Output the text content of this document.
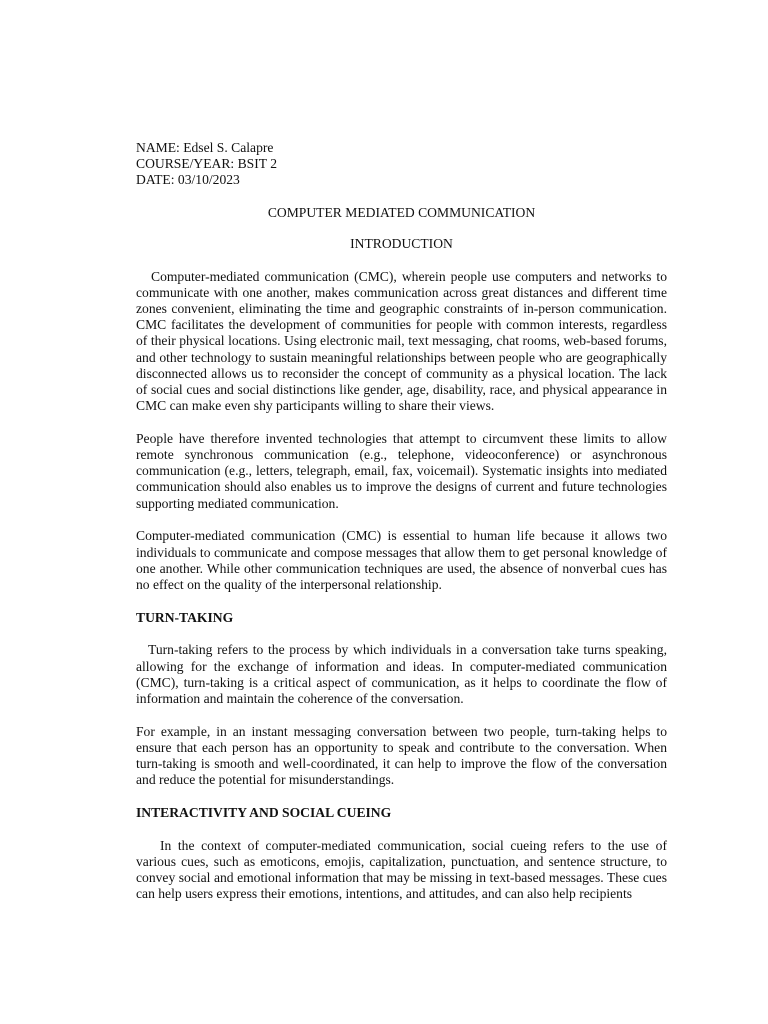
NAME: Edsel S. Calapre

COURSE/YEAR: BSIT 2

DATE: 03/10/2023

COMPUTER MEDIATED COMMUNICATION

INTRODUCTION

Computer-mediated communication (CMC), wherein people use computers and networks to communicate with one another, makes communication across great distances and different time zones convenient, eliminating the time and geographic constraints of in-person communication. CMC facilitates the development of communities for people with common interests, regardless of their physical locations. Using electronic mail, text messaging, chat rooms, web-based forums, and other technology to sustain meaningful relationships between people who are geographically disconnected allows us to reconsider the concept of community as a physical location. The lack of social cues and social distinctions like gender, age, disability, race, and physical appearance in CMC can make even shy participants willing to share their views.

People have therefore invented technologies that attempt to circumvent these limits to allow remote synchronous communication (e.g., telephone, videoconference) or asynchronous communication (e.g., letters, telegraph, email, fax, voicemail). Systematic insights into mediated communication should also enables us to improve the designs of current and future technologies supporting mediated communication.

Computer-mediated communication (CMC) is essential to human life because it allows two individuals to communicate and compose messages that allow them to get personal knowledge of one another. While other communication techniques are used, the absence of nonverbal cues has no effect on the quality of the interpersonal relationship.

TURN-TAKING

Turn-taking refers to the process by which individuals in a conversation take turns speaking, allowing for the exchange of information and ideas. In computer-mediated communication (CMC), turn-taking is a critical aspect of communication, as it helps to coordinate the flow of information and maintain the coherence of the conversation.

For example, in an instant messaging conversation between two people, turn-taking helps to ensure that each person has an opportunity to speak and contribute to the conversation. When turn-taking is smooth and well-coordinated, it can help to improve the flow of the conversation and reduce the potential for misunderstandings.

INTERACTIVITY AND SOCIAL CUEING

In the context of computer-mediated communication, social cueing refers to the use of various cues, such as emoticons, emojis, capitalization, punctuation, and sentence structure, to convey social and emotional information that may be missing in text-based messages. These cues can help users express their emotions, intentions, and attitudes, and can also help recipients
